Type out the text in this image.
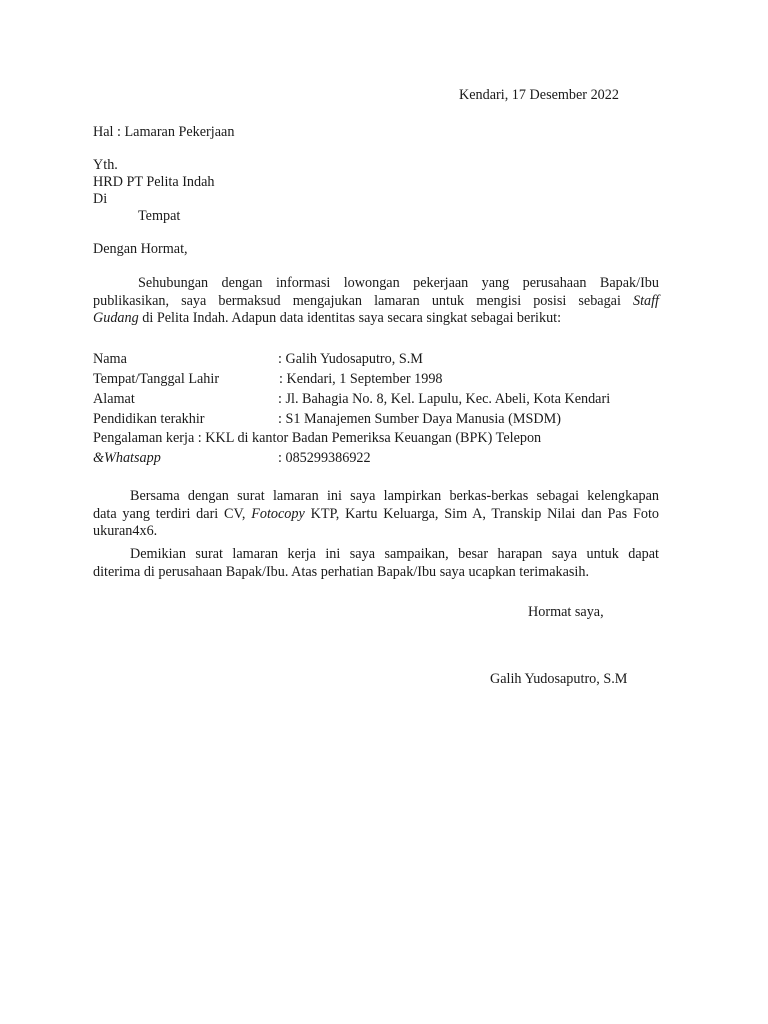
Kendari, 17 Desember 2022
Hal : Lamaran Pekerjaan
Yth.
HRD PT Pelita Indah
Di
Tempat
Dengan Hormat,
Sehubungan dengan informasi lowongan pekerjaan yang perusahaan Bapak/Ibu
publikasikan, saya bermaksud mengajukan lamaran untuk mengisi posisi sebagai Staff
Gudang di Pelita Indah. Adapun data identitas saya secara singkat sebagai berikut:
Nama	: Galih Yudosaputro, S.M
Tempat/Tanggal Lahir	: Kendari, 1 September 1998
Alamat	: Jl. Bahagia No. 8, Kel. Lapulu, Kec. Abeli, Kota Kendari
Pendidikan terakhir	: S1 Manajemen Sumber Daya Manusia (MSDM)
Pengalaman kerja : KKL di kantor Badan Pemeriksa Keuangan (BPK) Telepon
&Whatsapp	: 085299386922
Bersama dengan surat lamaran ini saya lampirkan berkas-berkas sebagai kelengkapan
data yang terdiri dari CV, Fotocopy KTP, Kartu Keluarga, Sim A, Transkip Nilai dan Pas Foto
ukuran4x6.
Demikian surat lamaran kerja ini saya sampaikan, besar harapan saya untuk dapat
diterima di perusahaan Bapak/Ibu. Atas perhatian Bapak/Ibu saya ucapkan terimakasih.
Hormat saya,
Galih Yudosaputro, S.M
